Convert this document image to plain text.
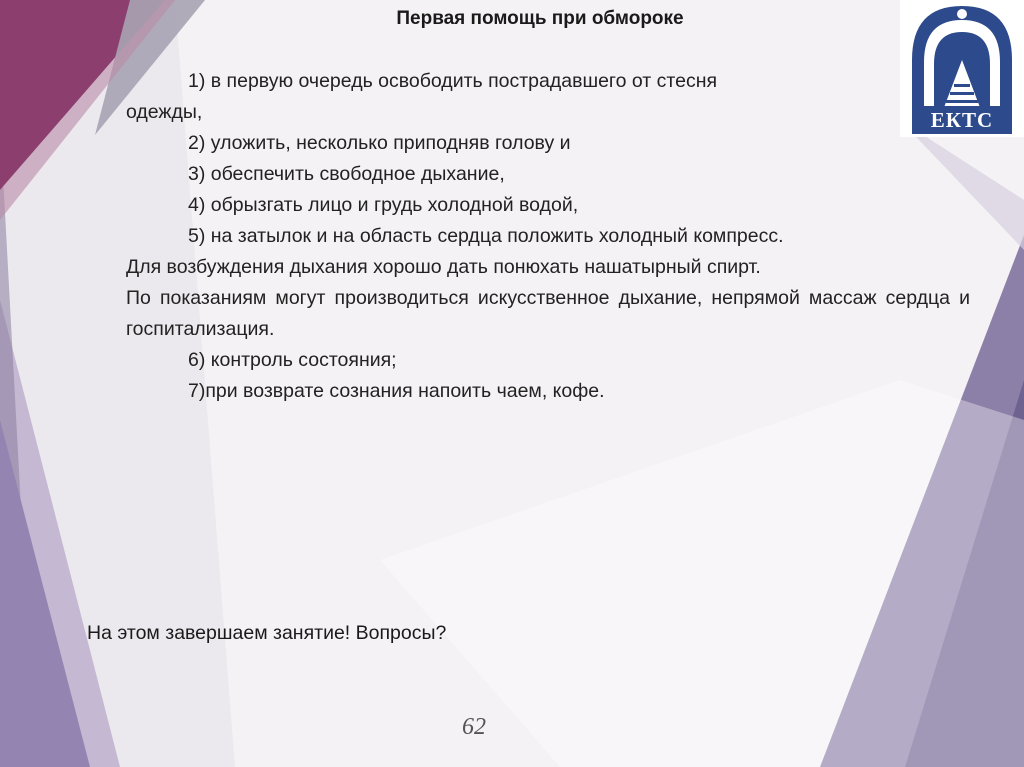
ЕКТС
Первая помощь при обмороке

1) в первую очередь освободить пострадавшего от стесня

одежды,

2) уложить, несколько приподняв голову и

3) обеспечить свободное дыхание,

4) обрызгать лицо и грудь холодной водой,

5) на затылок и на область сердца положить холодный компресс.

Для возбуждения дыхания хорошо дать понюхать нашатырный спирт.

По показаниям могут производиться искусственное дыхание, непрямой массаж сердца и госпитализация.

6) контроль состояния;

7)при возврате сознания напоить чаем, кофе.

На этом завершаем занятие! Вопросы?
62
